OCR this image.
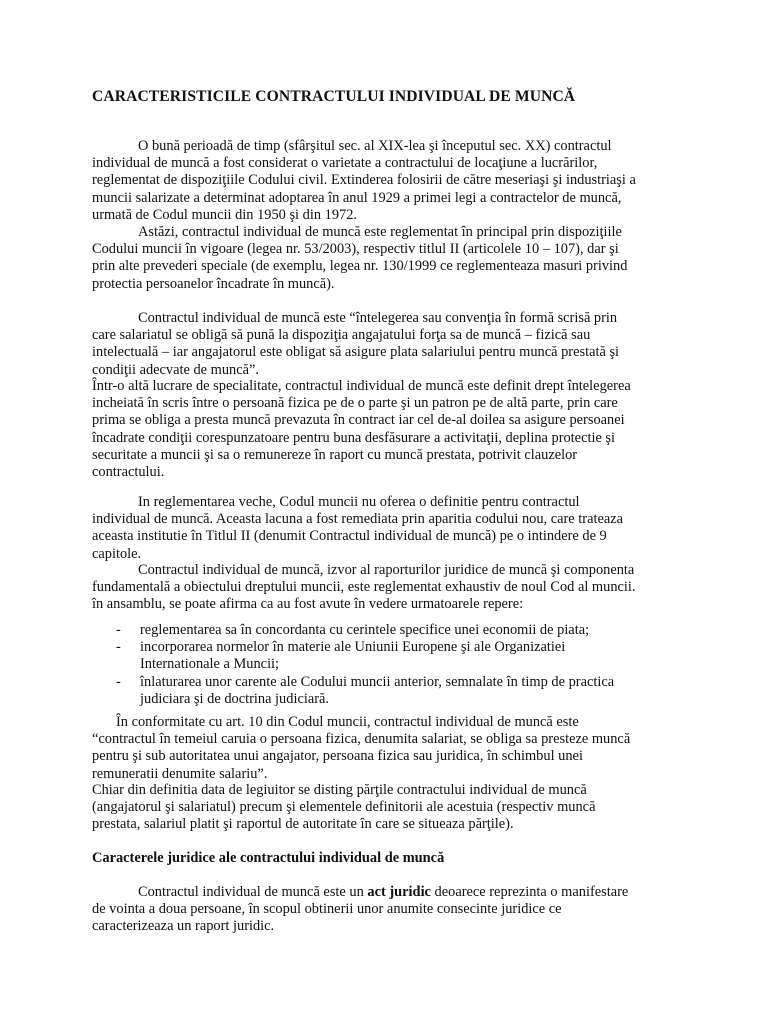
CARACTERISTICILE CONTRACTULUI INDIVIDUAL DE MUNCĂ

O bună perioadă de timp (sfârşitul sec. al XIX-lea şi începutul sec. XX) contractul
individual de muncă a fost considerat o varietate a contractului de locaţiune a lucrărilor,
reglementat de dispoziţiile Codului civil. Extinderea folosirii de către meseriaşi şi industriaşi a
muncii salarizate a determinat adoptarea în anul 1929 a primei legi a contractelor de muncă,
urmată de Codul muncii din 1950 şi din 1972.

Astăzi, contractul individual de muncă este reglementat în principal prin dispoziţiile
Codului muncii în vigoare (legea nr. 53/2003), respectiv titlul II (articolele 10 – 107), dar şi
prin alte prevederi speciale (de exemplu, legea nr. 130/1999 ce reglementeaza masuri privind
protectia persoanelor încadrate în muncă).

Contractul individual de muncă este “întelegerea sau convenţia în formă scrisă prin
care salariatul se obligă să pună la dispoziţia angajatului forţa sa de muncă – fizică sau
intelectuală – iar angajatorul este obligat să asigure plata salariului pentru muncă prestată şi
condiţii adecvate de muncă”.

Într-o altă lucrare de specialitate, contractul individual de muncă este definit drept întelegerea
incheiată în scris între o persoană fizica pe de o parte şi un patron pe de altă parte, prin care
prima se obliga a presta muncă prevazuta în contract iar cel de-al doilea sa asigure persoanei
încadrate condiţii corespunzatoare pentru buna desfăsurare a activitaţii, deplina protectie şi
securitate a muncii şi sa o remunereze în raport cu muncă prestata, potrivit clauzelor
contractului.

In reglementarea veche, Codul muncii nu oferea o definitie pentru contractul
individual de muncă. Aceasta lacuna a fost remediata prin aparitia codului nou, care trateaza
aceasta institutie în Titlul II (denumit Contractul individual de muncă) pe o intindere de 9
capitole.

Contractul individual de muncă, izvor al raporturilor juridice de muncă şi componenta
fundamentală a obiectului dreptului muncii, este reglementat exhaustiv de noul Cod al muncii.
în ansamblu, se poate afirma ca au fost avute în vedere urmatoarele repere:

- reglementarea sa în concordanta cu cerintele specifice unei economii de piata;
- incorporarea normelor în materie ale Uniunii Europene şi ale Organizatiei
Internationale a Muncii;
- înlaturarea unor carente ale Codului muncii anterior, semnalate în timp de practica
judiciara şi de doctrina judiciară.

În conformitate cu art. 10 din Codul muncii, contractul individual de muncă este
“contractul în temeiul caruia o persoana fizica, denumita salariat, se obliga sa presteze muncă
pentru şi sub autoritatea unui angajator, persoana fizica sau juridica, în schimbul unei
remuneratii denumite salariu”.

Chiar din definitia data de legiuitor se disting părţile contractului individual de muncă
(angajatorul şi salariatul) precum şi elementele definitorii ale acestuia (respectiv muncă
prestata, salariul platit şi raportul de autoritate în care se situeaza părţile).

Caracterele juridice ale contractului individual de muncă

Contractul individual de muncă este un act juridic deoarece reprezinta o manifestare
de vointa a doua persoane, în scopul obtinerii unor anumite consecinte juridice ce
caracterizeaza un raport juridic.
